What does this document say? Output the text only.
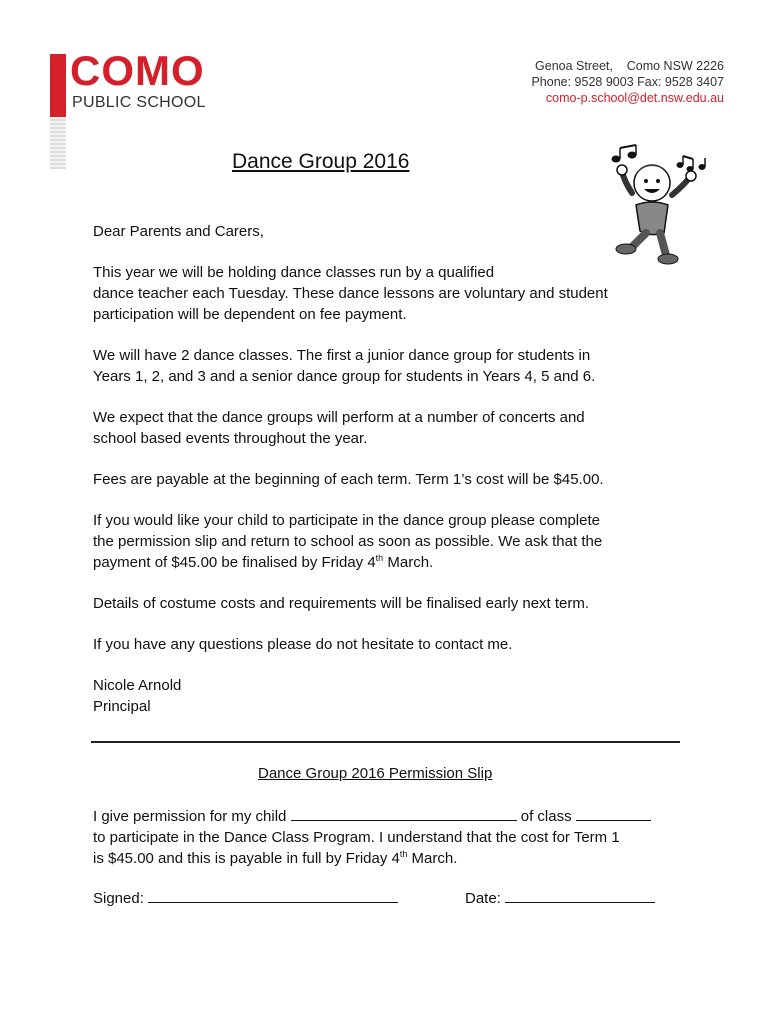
COMO
PUBLIC SCHOOL
Genoa Street,    Como NSW 2226
Phone: 9528 9003 Fax: 9528 3407
como-p.school@det.nsw.edu.au
Dance Group 2016

Dear Parents and Carers,

This year we will be holding dance classes run by a qualified
dance teacher each Tuesday. These dance lessons are voluntary and student
participation will be dependent on fee payment.

We will have 2 dance classes. The first a junior dance group for students in
Years 1, 2, and 3 and a senior dance group for students in Years 4, 5 and 6.

We expect that the dance groups will perform at a number of concerts and
school based events throughout the year.

Fees are payable at the beginning of each term. Term 1’s cost will be $45.00.

If you would like your child to participate in the dance group please complete
the permission slip and return to school as soon as possible. We ask that the
payment of $45.00 be finalised by Friday 4th March.

Details of costume costs and requirements will be finalised early next term.

If you have any questions please do not hesitate to contact me.

Nicole Arnold

Principal

Dance Group 2016 Permission Slip

I give permission for my child	of class

to participate in the Dance Class Program. I understand that the cost for Term 1

is $45.00 and this is payable in full by Friday 4th March.

Signed:	Date:
